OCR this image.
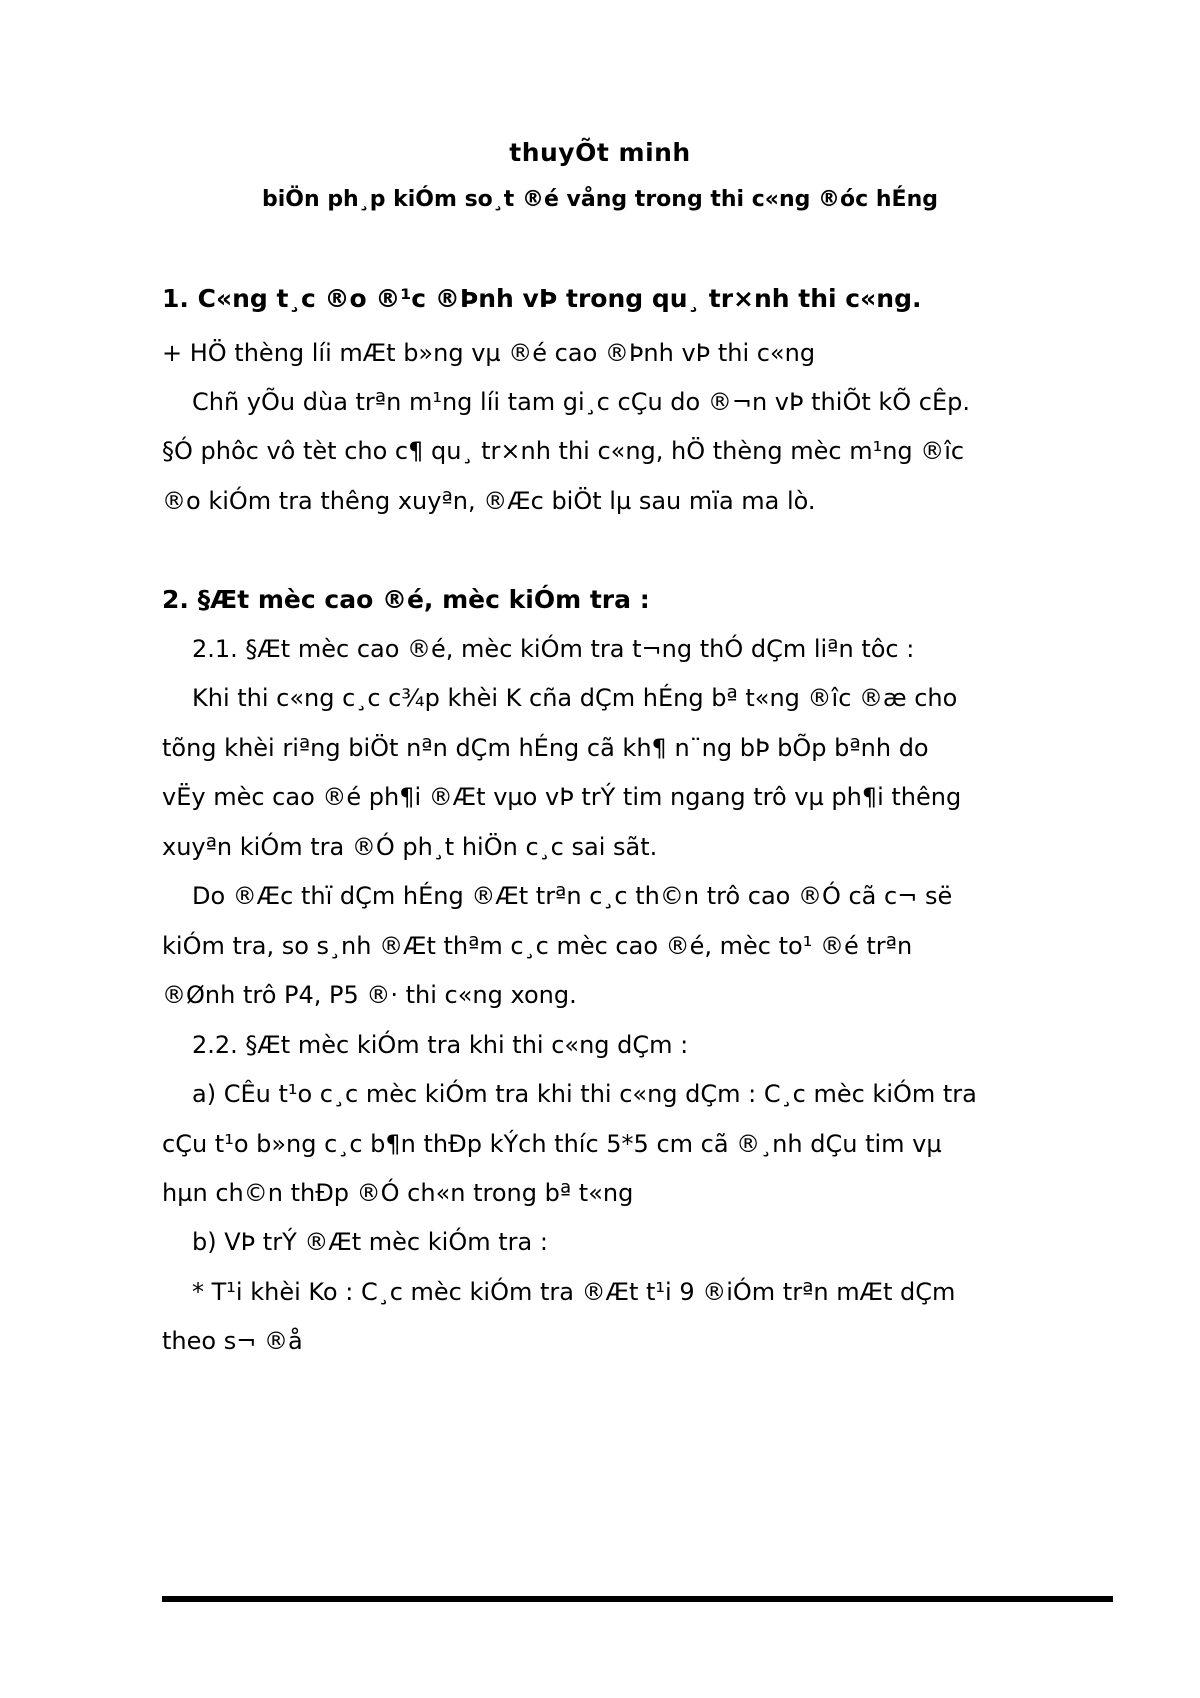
thuyÕt minh
biÖn ph¸p kiÓm so¸t ®é vång trong thi c«ng ®óc hÉng
1. C«ng t¸c ®o ®¹c ®Þnh vÞ trong qu¸ tr×nh thi c«ng.
+ HÖ thèng líi mÆt b»ng vµ ®é cao ®Þnh vÞ thi c«ng
Chñ yÕu dùa trªn m¹ng líi tam gi¸c cÇu do ®¬n vÞ thiÕt kÕ cÊp.
§Ó phôc vô tèt cho c¶ qu¸ tr×nh thi c«ng, hÖ thèng mèc m¹ng ®îc
®o kiÓm tra thêng xuyªn, ®Æc biÖt lµ sau mïa ma lò.
2. §Æt mèc cao ®é, mèc kiÓm tra :
2.1. §Æt mèc cao ®é, mèc kiÓm tra t¬ng thÓ dÇm liªn tôc :
Khi thi c«ng c¸c c¾p khèi K cña dÇm hÉng bª t«ng ®îc ®æ cho
tõng khèi riªng biÖt nªn dÇm hÉng cã kh¶ n¨ng bÞ bÕp bªnh do
vËy mèc cao ®é ph¶i ®Æt vµo vÞ trÝ tim ngang trô vµ ph¶i thêng
xuyªn kiÓm tra ®Ó ph¸t hiÖn c¸c sai sãt.
Do ®Æc thï dÇm hÉng ®Æt trªn c¸c th©n trô cao ®Ó cã c¬ së
kiÓm tra, so s¸nh ®Æt thªm c¸c mèc cao ®é, mèc to¹ ®é trªn
®Ønh trô P4, P5 ®· thi c«ng xong.
2.2. §Æt mèc kiÓm tra khi thi c«ng dÇm :
a) CÊu t¹o c¸c mèc kiÓm tra khi thi c«ng dÇm : C¸c mèc kiÓm tra
cÇu t¹o b»ng c¸c b¶n thÐp kÝch thíc 5*5 cm cã ®¸nh dÇu tim vµ
hµn ch©n thÐp ®Ó ch«n trong bª t«ng
b) VÞ trÝ ®Æt mèc kiÓm tra :
* T¹i khèi Ko : C¸c mèc kiÓm tra ®Æt t¹i 9 ®iÓm trªn mÆt dÇm
theo s¬ ®å
